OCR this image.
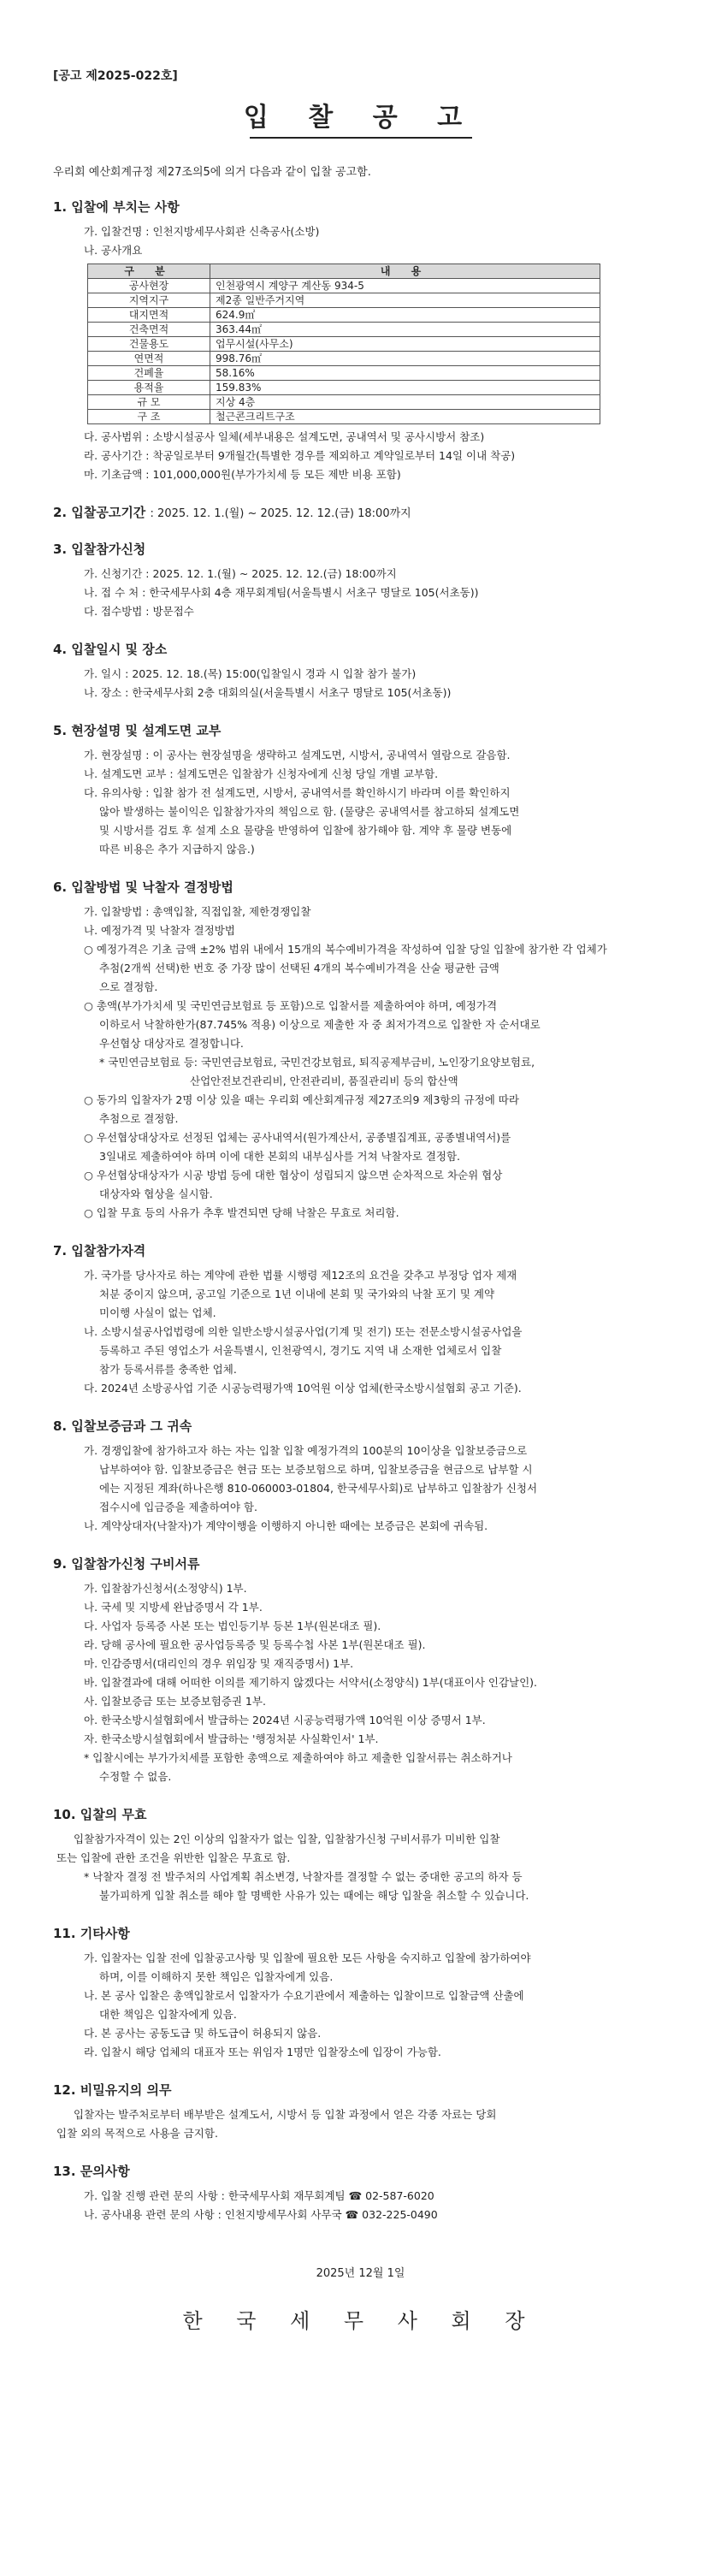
[공고 제2025-022호]
입 찰 공 고
우리회 예산회계규정 제27조의5에 의거 다음과 같이 입찰 공고함.
1. 입찰에 부치는 사항
가. 입찰건명 : 인천지방세무사회관 신축공사(소방)
나. 공사개요
구 분	내 용
공사현장	인천광역시 계양구 계산동 934-5
지역지구	제2종 일반주거지역
대지면적	624.9㎡
건축면적	363.44㎡
건물용도	업무시설(사무소)
연면적	998.76㎡
건폐율	58.16%
용적율	159.83%
규 모	지상 4층
구 조	철근콘크리트구조
다. 공사범위 : 소방시설공사 일체(세부내용은 설계도면, 공내역서 및 공사시방서 참조)
라. 공사기간 : 착공일로부터 9개월간(특별한 경우를 제외하고 계약일로부터 14일 이내 착공)
마. 기초금액 : 101,000,000원(부가가치세 등 모든 제반 비용 포함)
2. 입찰공고기간 : 2025. 12. 1.(월) ~ 2025. 12. 12.(금) 18:00까지
3. 입찰참가신청
가. 신청기간 : 2025. 12. 1.(월) ~ 2025. 12. 12.(금) 18:00까지
나. 접 수 처 : 한국세무사회 4층 재무회계팀(서울특별시 서초구 명달로 105(서초동))
다. 접수방법 : 방문접수
4. 입찰일시 및 장소
가. 일시 : 2025. 12. 18.(목) 15:00(입찰일시 경과 시 입찰 참가 불가)
나. 장소 : 한국세무사회 2층 대회의실(서울특별시 서초구 명달로 105(서초동))
5. 현장설명 및 설계도면 교부
가. 현장설명 : 이 공사는 현장설명을 생략하고 설계도면, 시방서, 공내역서 열람으로 갈음함.
나. 설계도면 교부 : 설계도면은 입찰참가 신청자에게 신청 당일 개별 교부함.
다. 유의사항 : 입찰 참가 전 설계도면, 시방서, 공내역서를 확인하시기 바라며 이를 확인하지
않아 발생하는 불이익은 입찰참가자의 책임으로 함. (물량은 공내역서를 참고하되 설계도면
및 시방서를 검토 후 설계 소요 물량을 반영하여 입찰에 참가해야 함. 계약 후 물량 변동에
따른 비용은 추가 지급하지 않음.)
6. 입찰방법 및 낙찰자 결정방법
가. 입찰방법 : 총액입찰, 직접입찰, 제한경쟁입찰
나. 예정가격 및 낙찰자 결정방법
○ 예정가격은 기초 금액 ±2% 범위 내에서 15개의 복수예비가격을 작성하여 입찰 당일 입찰에 참가한 각 업체가
추첨(2개씩 선택)한 번호 중 가장 많이 선택된 4개의 복수예비가격을 산술 평균한 금액
으로 결정함.
○ 총액(부가가치세 및 국민연금보험료 등 포함)으로 입찰서를 제출하여야 하며, 예정가격
이하로서 낙찰하한가(87.745% 적용) 이상으로 제출한 자 중 최저가격으로 입찰한 자 순서대로
우선협상 대상자로 결정합니다.
* 국민연금보험료 등: 국민연금보험료, 국민건강보험료, 퇴직공제부금비, 노인장기요양보험료,
산업안전보건관리비, 안전관리비, 품질관리비 등의 합산액
○ 동가의 입찰자가 2명 이상 있을 때는 우리회 예산회계규정 제27조의9 제3항의 규정에 따라
추첨으로 결정함.
○ 우선협상대상자로 선정된 업체는 공사내역서(원가계산서, 공종별집계표, 공종별내역서)를
3일내로 제출하여야 하며 이에 대한 본회의 내부심사를 거쳐 낙찰자로 결정함.
○ 우선협상대상자가 시공 방법 등에 대한 협상이 성립되지 않으면 순차적으로 차순위 협상
대상자와 협상을 실시함.
○ 입찰 무효 등의 사유가 추후 발견되면 당해 낙찰은 무효로 처리함.
7. 입찰참가자격
가. 국가를 당사자로 하는 계약에 관한 법률 시행령 제12조의 요건을 갖추고 부정당 업자 제재
처분 중이지 않으며, 공고일 기준으로 1년 이내에 본회 및 국가와의 낙찰 포기 및 계약
미이행 사실이 없는 업체.
나. 소방시설공사업법령에 의한 일반소방시설공사업(기계 및 전기) 또는 전문소방시설공사업을
등록하고 주된 영업소가 서울특별시, 인천광역시, 경기도 지역 내 소재한 업체로서 입찰
참가 등록서류를 충족한 업체.
다. 2024년 소방공사업 기준 시공능력평가액 10억원 이상 업체(한국소방시설협회 공고 기준).
8. 입찰보증금과 그 귀속
가. 경쟁입찰에 참가하고자 하는 자는 입찰 입찰 예정가격의 100분의 10이상을 입찰보증금으로
납부하여야 함. 입찰보증금은 현금 또는 보증보험으로 하며, 입찰보증금을 현금으로 납부할 시
에는 지정된 계좌(하나은행 810-060003-01804, 한국세무사회)로 납부하고 입찰참가 신청서
접수시에 입금증을 제출하여야 함.
나. 계약상대자(낙찰자)가 계약이행을 이행하지 아니한 때에는 보증금은 본회에 귀속됨.
9. 입찰참가신청 구비서류
가. 입찰참가신청서(소정양식) 1부.
나. 국세 및 지방세 완납증명서 각 1부.
다. 사업자 등록증 사본 또는 법인등기부 등본 1부(원본대조 필).
라. 당해 공사에 필요한 공사업등록증 및 등록수첩 사본 1부(원본대조 필).
마. 인감증명서(대리인의 경우 위임장 및 재직증명서) 1부.
바. 입찰결과에 대해 어떠한 이의를 제기하지 않겠다는 서약서(소정양식) 1부(대표이사 인감날인).
사. 입찰보증금 또는 보증보험증권 1부.
아. 한국소방시설협회에서 발급하는 2024년 시공능력평가액 10억원 이상 증명서 1부.
자. 한국소방시설협회에서 발급하는 '행정처분 사실확인서' 1부.
* 입찰시에는 부가가치세를 포함한 총액으로 제출하여야 하고 제출한 입찰서류는 취소하거나
수정할 수 없음.
10. 입찰의 무효
입찰참가자격이 있는 2인 이상의 입찰자가 없는 입찰, 입찰참가신청 구비서류가 미비한 입찰
또는 입찰에 관한 조건을 위반한 입찰은 무효로 함.
* 낙찰자 결정 전 발주처의 사업계획 취소변경, 낙찰자를 결정할 수 없는 중대한 공고의 하자 등
불가피하게 입찰 취소를 해야 할 명백한 사유가 있는 때에는 해당 입찰을 취소할 수 있습니다.
11. 기타사항
가. 입찰자는 입찰 전에 입찰공고사항 및 입찰에 필요한 모든 사항을 숙지하고 입찰에 참가하여야
하며, 이를 이해하지 못한 책임은 입찰자에게 있음.
나. 본 공사 입찰은 총액입찰로서 입찰자가 수요기관에서 제출하는 입찰이므로 입찰금액 산출에
대한 책임은 입찰자에게 있음.
다. 본 공사는 공동도급 및 하도급이 허용되지 않음.
라. 입찰시 해당 업체의 대표자 또는 위임자 1명만 입찰장소에 입장이 가능함.
12. 비밀유지의 의무
입찰자는 발주처로부터 배부받은 설계도서, 시방서 등 입찰 과정에서 얻은 각종 자료는 당회
입찰 외의 목적으로 사용을 금지함.
13. 문의사항
가. 입찰 진행 관련 문의 사항 : 한국세무사회 재무회계팀 ☎ 02-587-6020
나. 공사내용 관련 문의 사항 : 인천지방세무사회 사무국 ☎ 032-225-0490
2025년 12월 1일
한 국 세 무 사 회 장
